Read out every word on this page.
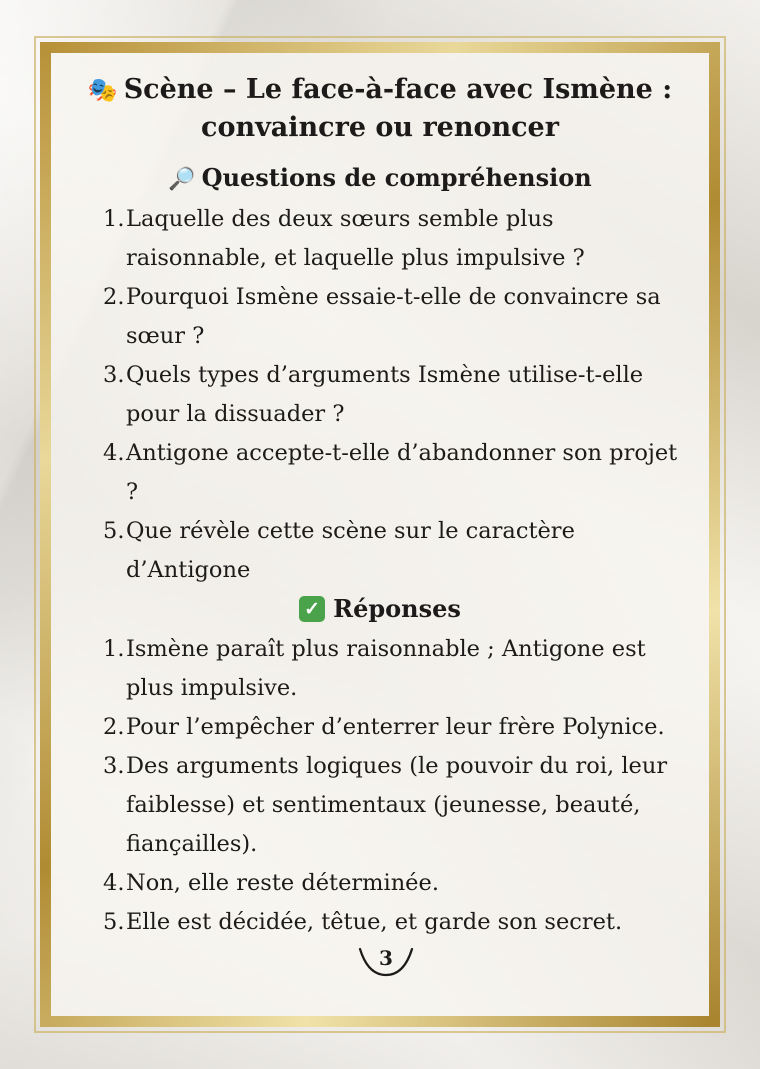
🎭 Scène – Le face-à-face avec Ismène : convaincre ou renoncer
🔎 Questions de compréhension
1. Laquelle des deux sœurs semble plus raisonnable, et laquelle plus impulsive ?
2. Pourquoi Ismène essaie-t-elle de convaincre sa sœur ?
3. Quels types d’arguments Ismène utilise-t-elle pour la dissuader ?
4. Antigone accepte-t-elle d’abandonner son projet ?
5. Que révèle cette scène sur le caractère d’Antigone
✓ Réponses
1. Ismène paraît plus raisonnable ; Antigone est plus impulsive.
2. Pour l’empêcher d’enterrer leur frère Polynice.
3. Des arguments logiques (le pouvoir du roi, leur faiblesse) et sentimentaux (jeunesse, beauté, fiançailles).
4. Non, elle reste déterminée.
5. Elle est décidée, têtue, et garde son secret.
3
